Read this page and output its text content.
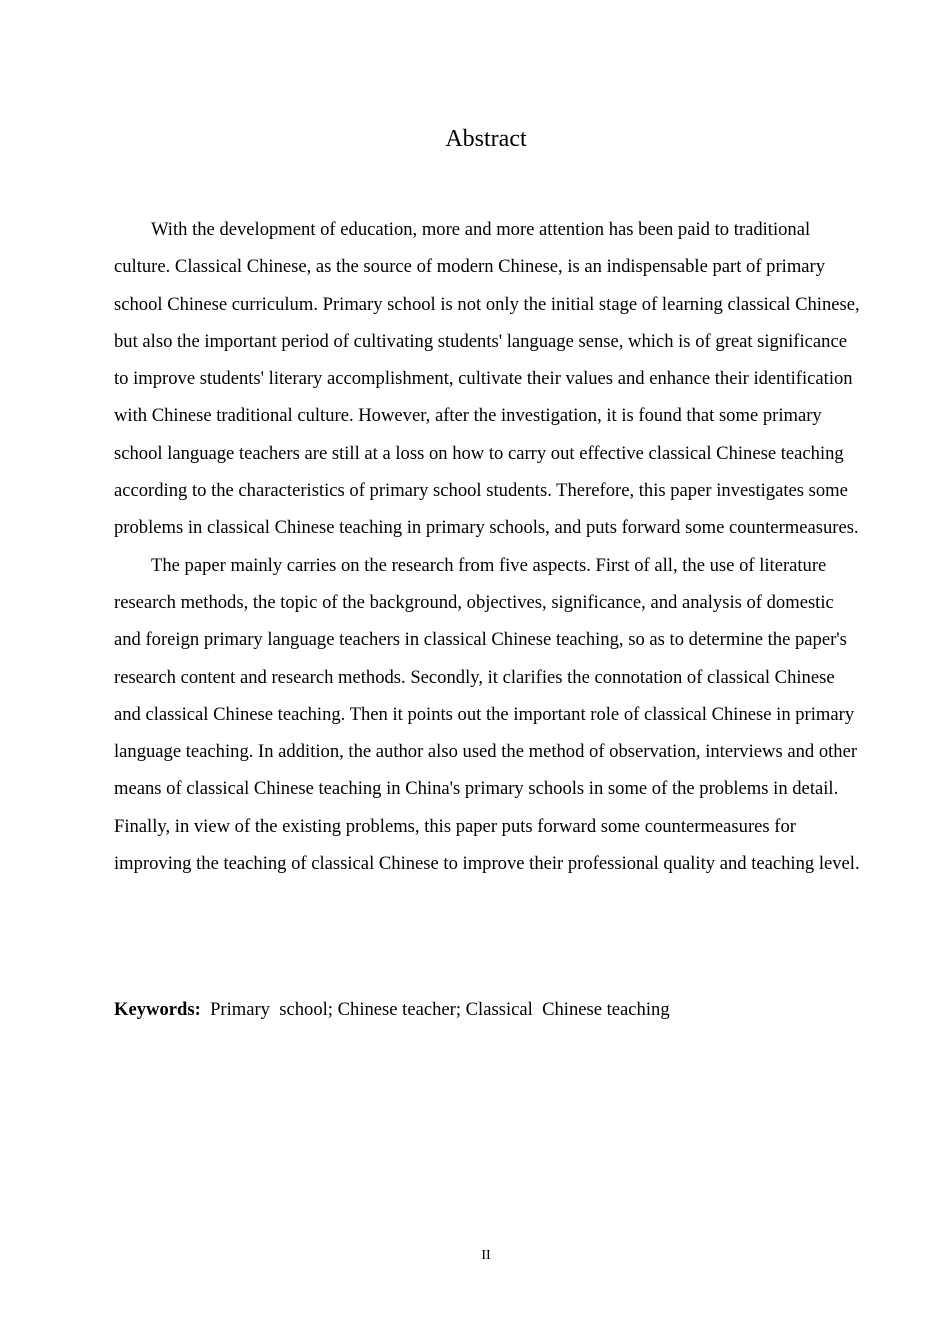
Abstract

With the development of education, more and more attention has been paid to traditional culture. Classical Chinese, as the source of modern Chinese, is an indispensable part of primary school Chinese curriculum. Primary school is not only the initial stage of learning classical Chinese, but also the important period of cultivating students' language sense, which is of great significance to improve students' literary accomplishment, cultivate their values and enhance their identification with Chinese traditional culture. However, after the investigation, it is found that some primary school language teachers are still at a loss on how to carry out effective classical Chinese teaching according to the characteristics of primary school students. Therefore, this paper investigates some problems in classical Chinese teaching in primary schools, and puts forward some countermeasures.

The paper mainly carries on the research from five aspects. First of all, the use of literature research methods, the topic of the background, objectives, significance, and analysis of domestic and foreign primary language teachers in classical Chinese teaching, so as to determine the paper's research content and research methods. Secondly, it clarifies the connotation of classical Chinese and classical Chinese teaching. Then it points out the important role of classical Chinese in primary language teaching. In addition, the author also used the method of observation, interviews and other means of classical Chinese teaching in China's primary schools in some of the problems in detail. Finally, in view of the existing problems, this paper puts forward some countermeasures for improving the teaching of classical Chinese to improve their professional quality and teaching level.

Keywords:  Primary  school; Chinese teacher; Classical  Chinese teaching
II
